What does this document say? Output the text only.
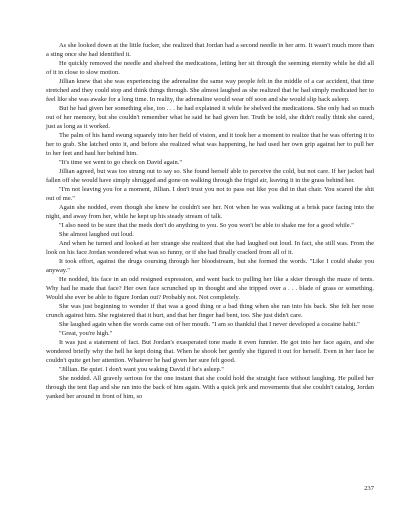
As she looked down at the little fucker, she realized that Jordan had a second needle in her arm. It wasn't much more than a sting once she had identified it.

He quickly removed the needle and shelved the medications, letting her sit through the seeming eternity while he did all of it in close to slow motion.

Jillian knew that she was experiencing the adrenaline the same way people felt in the middle of a car accident, that time stretched and they could stop and think things through. She almost laughed as she realized that he had simply medicated her to feel like she was awake for a long time. In reality, the adrenaline would wear off soon and she would slip back asleep.

But he had given her something else, too . . . he had explained it while he shelved the medications. She only had so much out of her memory, but she couldn't remember what he said he had given her. Truth be told, she didn't really think she cared, just as long as it worked.

The palm of his hand swung squarely into her field of vision, and it took her a moment to realize that he was offering it to her to grab. She latched onto it, and before she realized what was happening, he had used her own grip against her to pull her to her feet and haul her behind him.

"It's time we went to go check on David again."

Jillian agreed, but was too strung out to say so. She found herself able to perceive the cold, but not care. If her jacket had fallen off she would have simply shrugged and gone on walking through the frigid air, leaving it in the grass behind her.

"I'm not leaving you for a moment, Jillian. I don't trust you not to pass out like you did in that chair. You scared the shit out of me."

Again she nodded, even though she knew he couldn't see her. Not when he was walking at a brisk pace facing into the night, and away from her, while he kept up his steady stream of talk.

"I also need to be sure that the meds don't do anything to you. So you won't be able to shake me for a good while."

She almost laughed out loud.

And when he turned and looked at her strange she realized that she had laughed out loud. In fact, she still was. From the look on his face Jordan wondered what was so funny, or if she had finally cracked from all of it.

It took effort, against the drugs coursing through her bloodstream, but she formed the words. "Like I could shake you anyway."

He nodded, his face in an odd resigned expression, and went back to pulling her like a skier through the maze of tents. Why had he made that face? Her own face scrunched up in thought and she tripped over a . . . blade of grass or something. Would she ever be able to figure Jordan out? Probably not. Not completely.

She was just beginning to wonder if that was a good thing or a bad thing when she ran into his back. She felt her nose crunch against him. She registered that it hurt, and that her finger had bent, too. She just didn't care.

She laughed again when the words came out of her mouth. "I am so thankful that I never developed a cocaine habit."

"Great, you're high."

It was just a statement of fact. But Jordan's exasperated tone made it even funnier. He got into her face again, and she wondered briefly why the hell he kept doing that. When he shook her gently she figured it out for herself. Even in her face he couldn't quite get her attention. Whatever he had given her sure felt good.

"Jillian. Be quiet. I don't want you waking David if he's asleep."

She nodded. All gravely serious for the one instant that she could hold the straight face without laughing. He pulled her through the tent flap and she ran into the back of him again. With a quick jerk and movements that she couldn't catalog, Jordan yanked her around in front of him, so

237
